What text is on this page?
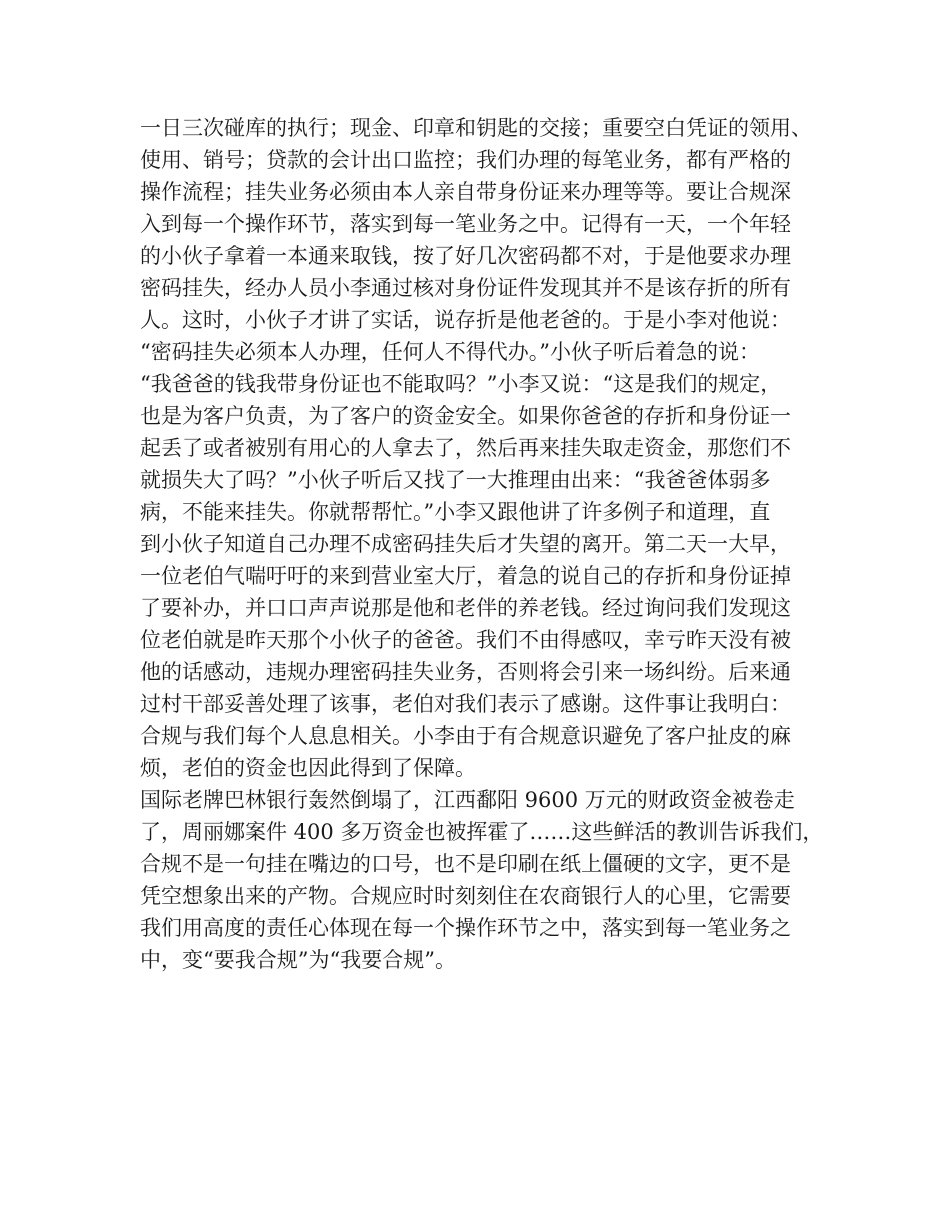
一日三次碰库的执行；现金、印章和钥匙的交接；重要空白凭证的领用、
使用、销号；贷款的会计出口监控；我们办理的每笔业务，都有严格的
操作流程；挂失业务必须由本人亲自带身份证来办理等等。要让合规深
入到每一个操作环节，落实到每一笔业务之中。记得有一天，一个年轻
的小伙子拿着一本通来取钱，按了好几次密码都不对，于是他要求办理
密码挂失，经办人员小李通过核对身份证件发现其并不是该存折的所有
人。这时，小伙子才讲了实话，说存折是他老爸的。于是小李对他说：
“密码挂失必须本人办理，任何人不得代办。”小伙子听后着急的说：
“我爸爸的钱我带身份证也不能取吗？”小李又说：“这是我们的规定，
也是为客户负责，为了客户的资金安全。如果你爸爸的存折和身份证一
起丢了或者被别有用心的人拿去了，然后再来挂失取走资金，那您们不
就损失大了吗？”小伙子听后又找了一大推理由出来：“我爸爸体弱多
病，不能来挂失。你就帮帮忙。”小李又跟他讲了许多例子和道理，直
到小伙子知道自己办理不成密码挂失后才失望的离开。第二天一大早，
一位老伯气喘吁吁的来到营业室大厅，着急的说自己的存折和身份证掉
了要补办，并口口声声说那是他和老伴的养老钱。经过询问我们发现这
位老伯就是昨天那个小伙子的爸爸。我们不由得感叹，幸亏昨天没有被
他的话感动，违规办理密码挂失业务，否则将会引来一场纠纷。后来通
过村干部妥善处理了该事，老伯对我们表示了感谢。这件事让我明白：
合规与我们每个人息息相关。小李由于有合规意识避免了客户扯皮的麻
烦，老伯的资金也因此得到了保障。
国际老牌巴林银行轰然倒塌了，江西鄱阳 9600 万元的财政资金被卷走
了，周丽娜案件 400 多万资金也被挥霍了……这些鲜活的教训告诉我们，
合规不是一句挂在嘴边的口号，也不是印刷在纸上僵硬的文字，更不是
凭空想象出来的产物。合规应时时刻刻住在农商银行人的心里，它需要
我们用高度的责任心体现在每一个操作环节之中，落实到每一笔业务之
中，变“要我合规”为“我要合规”。
